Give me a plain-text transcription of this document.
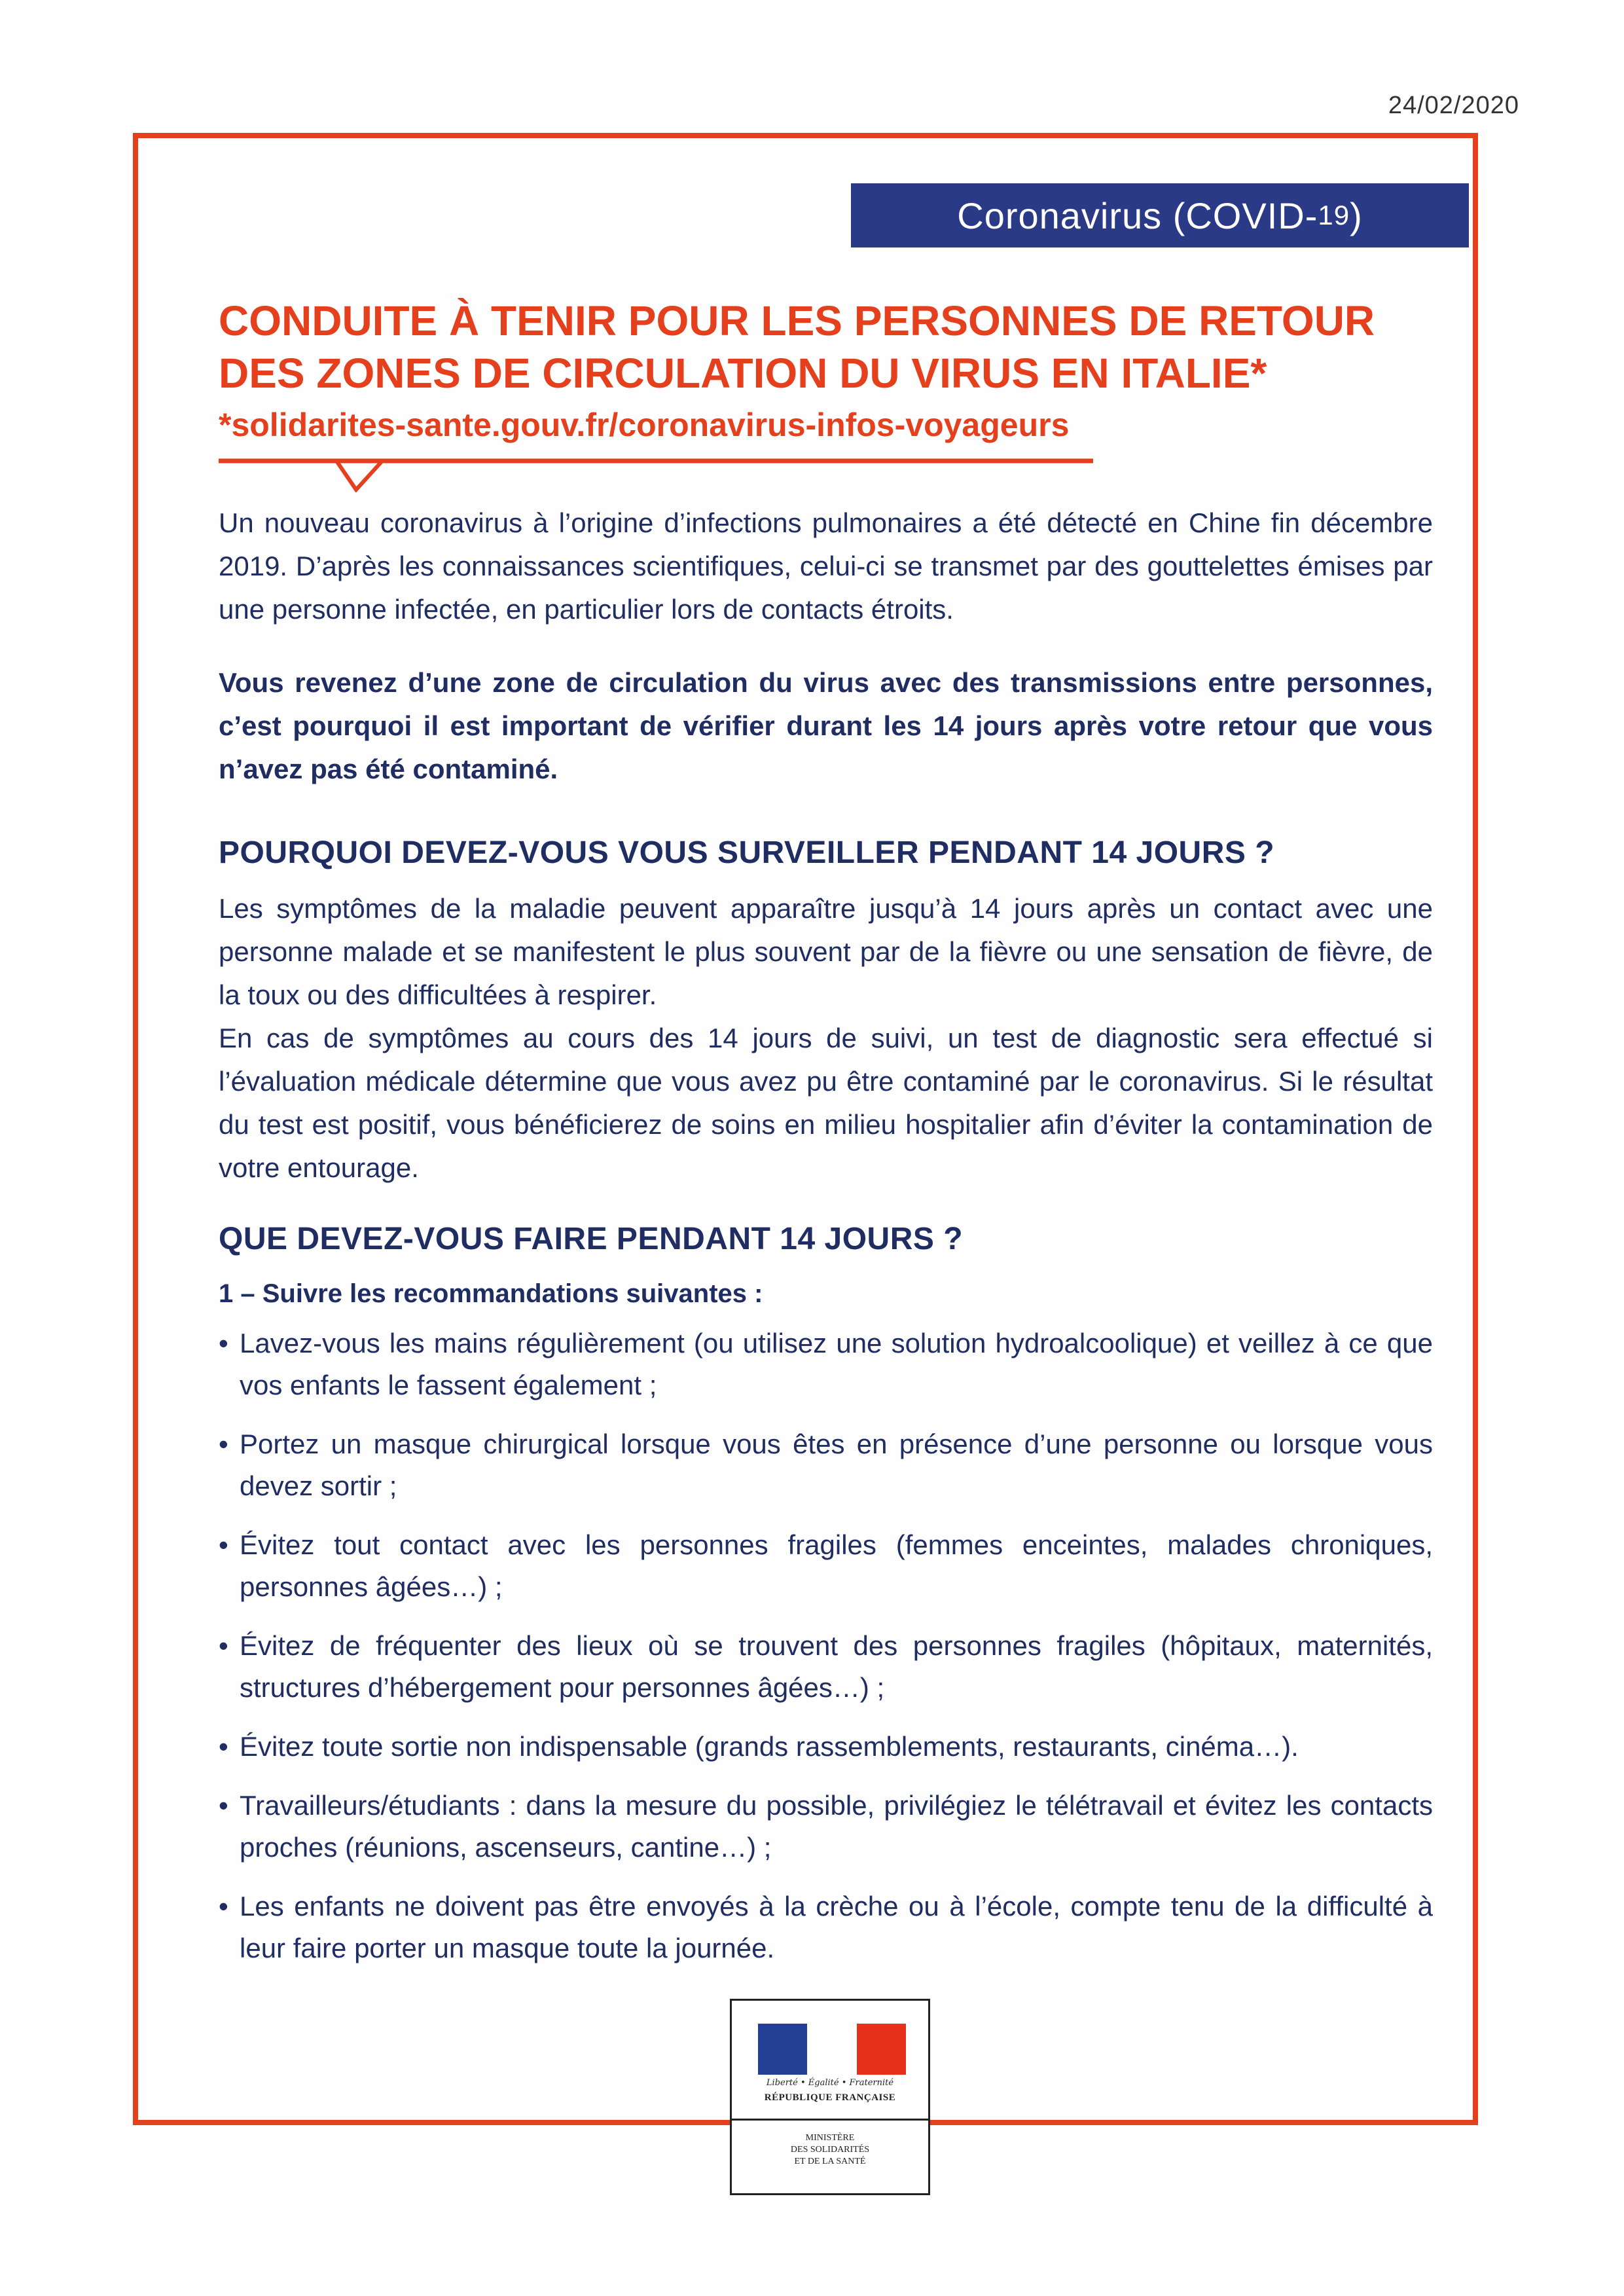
24/02/2020
Coronavirus (COVID- 19 )
CONDUITE À TENIR POUR LES PERSONNES DE RETOUR
DES ZONES DE CIRCULATION DU VIRUS EN ITALIE*
*solidarites-sante.gouv.fr/coronavirus-infos-voyageurs

Un nouveau coronavirus à l’origine d’infections pulmonaires a été détecté en Chine fin décembre 2019. D’après les connaissances scientifiques, celui-ci se transmet par des gouttelettes émises par une personne infectée, en particulier lors de contacts étroits.

Vous revenez d’une zone de circulation du virus avec des transmissions entre personnes, c’est pourquoi il est important de vérifier durant les 14 jours après votre retour que vous n’avez pas été contaminé.

POURQUOI DEVEZ-VOUS VOUS SURVEILLER PENDANT 14 JOURS ?

Les symptômes de la maladie peuvent apparaître jusqu’à 14 jours après un contact avec une personne malade et se manifestent le plus souvent par de la fièvre ou une sensation de fièvre, de la toux ou des difficultées à respirer.

En cas de symptômes au cours des 14 jours de suivi, un test de diagnostic sera effectué si l’évaluation médicale détermine que vous avez pu être contaminé par le coronavirus. Si le résultat du test est positif, vous bénéficierez de soins en milieu hospitalier afin d’éviter la contamination de votre entourage.

QUE DEVEZ-VOUS FAIRE PENDANT 14 JOURS ?
1 – Suivre les recommandations suivantes :
• Lavez-vous les mains régulièrement (ou utilisez une solution hydroalcoolique) et veillez à ce que vos enfants le fassent également ;
• Portez un masque chirurgical lorsque vous êtes en présence d’une personne ou lorsque vous devez sortir ;
• Évitez tout contact avec les personnes fragiles (femmes enceintes, malades chroniques, personnes âgées…) ;
• Évitez de fréquenter des lieux où se trouvent des personnes fragiles (hôpitaux, maternités, structures d’hébergement pour personnes âgées…) ;
• Évitez toute sortie non indispensable (grands rassemblements, restaurants, cinéma…).
• Travailleurs/étudiants : dans la mesure du possible, privilégiez le télétravail et évitez les contacts proches (réunions, ascenseurs, cantine…) ;
• Les enfants ne doivent pas être envoyés à la crèche ou à l’école, compte tenu de la difficulté à leur faire porter un masque toute la journée.
Liberté • Égalité • Fraternité
RÉPUBLIQUE FRANÇAISE
MINISTÈRE
DES SOLIDARITÉS
ET DE LA SANTÉ
